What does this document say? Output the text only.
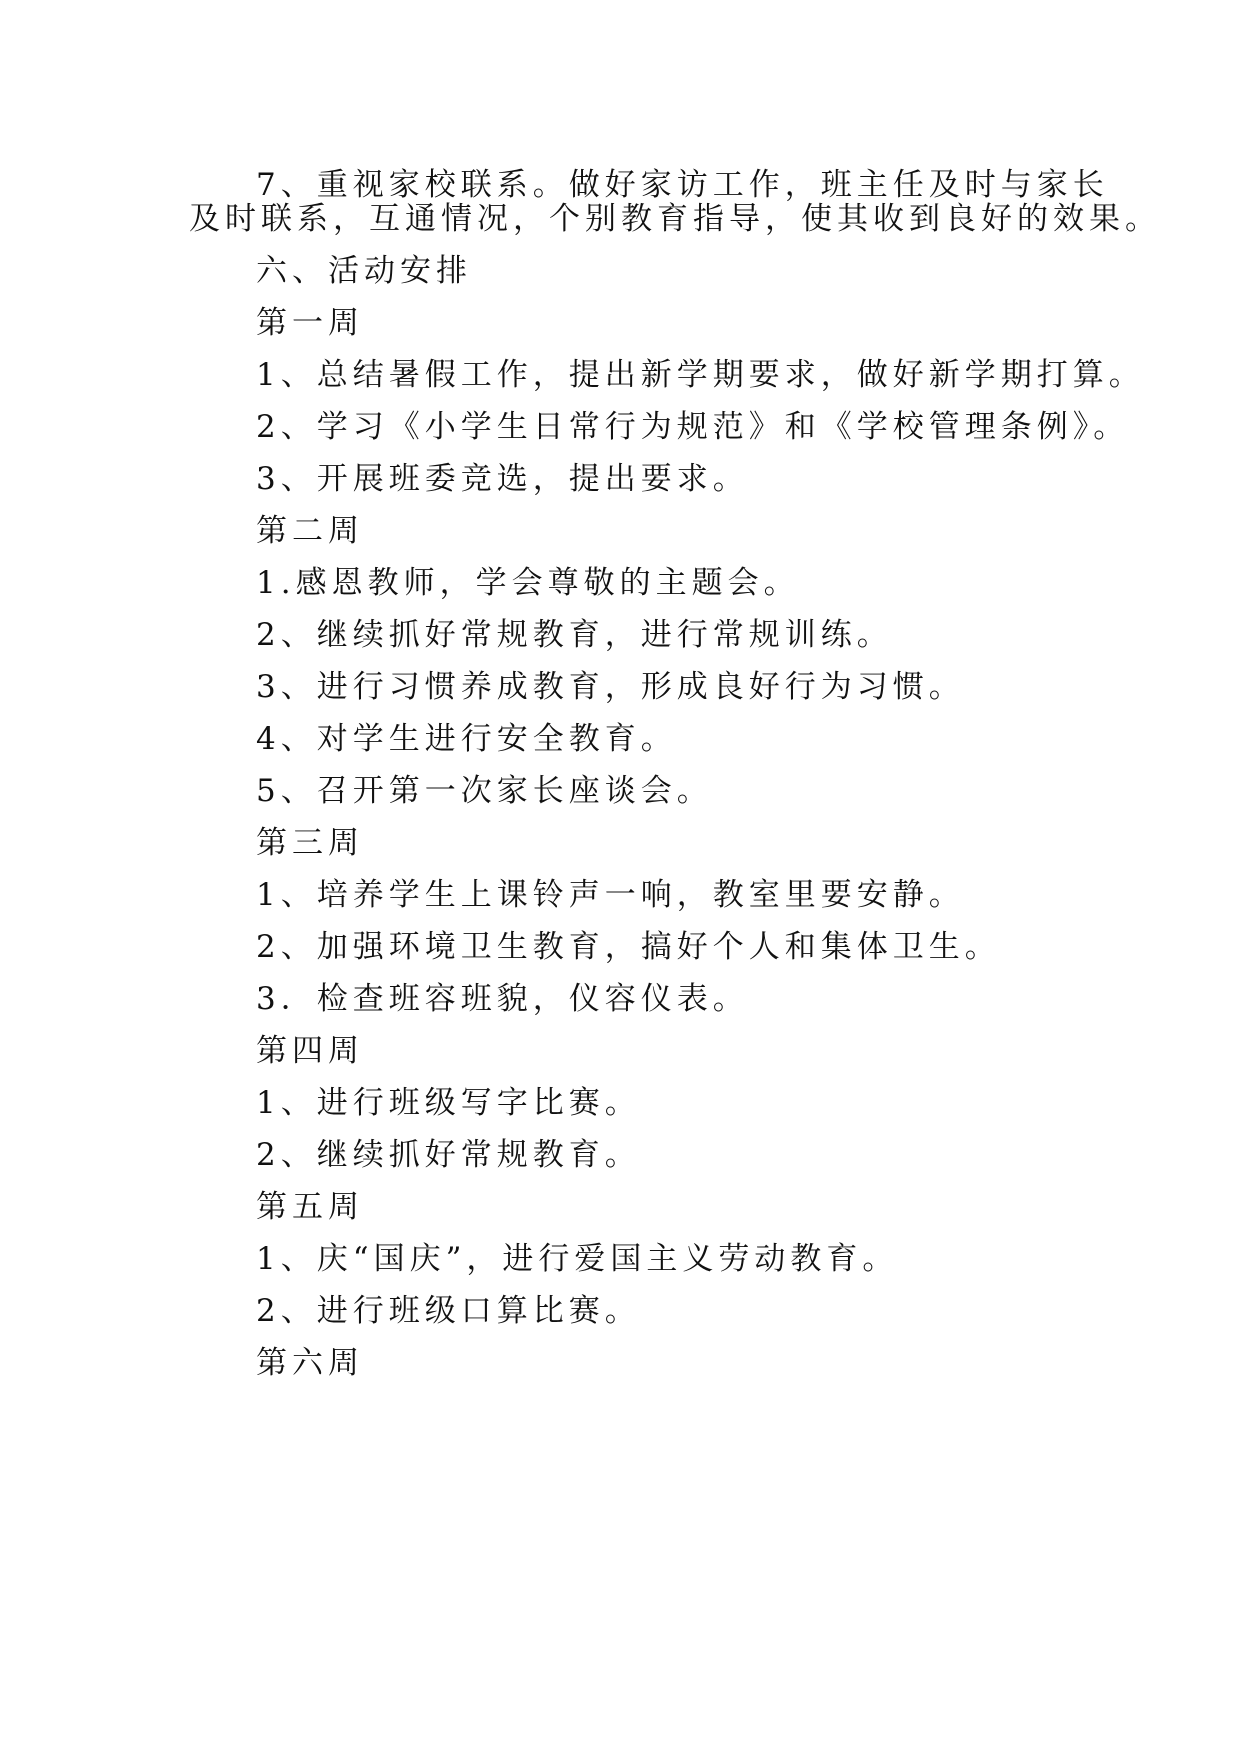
7、重视家校联系。做好家访工作，班主任及时与家长
及时联系，互通情况，个别教育指导，使其收到良好的效果。
六、活动安排
第一周
1、总结暑假工作，提出新学期要求，做好新学期打算。
2、学习《小学生日常行为规范》和《学校管理条例》。
3、开展班委竞选，提出要求。
第二周
1.感恩教师，学会尊敬的主题会。
2、继续抓好常规教育，进行常规训练。
3、进行习惯养成教育，形成良好行为习惯。
4、对学生进行安全教育。
5、召开第一次家长座谈会。
第三周
1、培养学生上课铃声一响，教室里要安静。
2、加强环境卫生教育，搞好个人和集体卫生。
3．检查班容班貌，仪容仪表。
第四周
1、进行班级写字比赛。
2、继续抓好常规教育。
第五周
1、庆“国庆”，进行爱国主义劳动教育。
2、进行班级口算比赛。
第六周
